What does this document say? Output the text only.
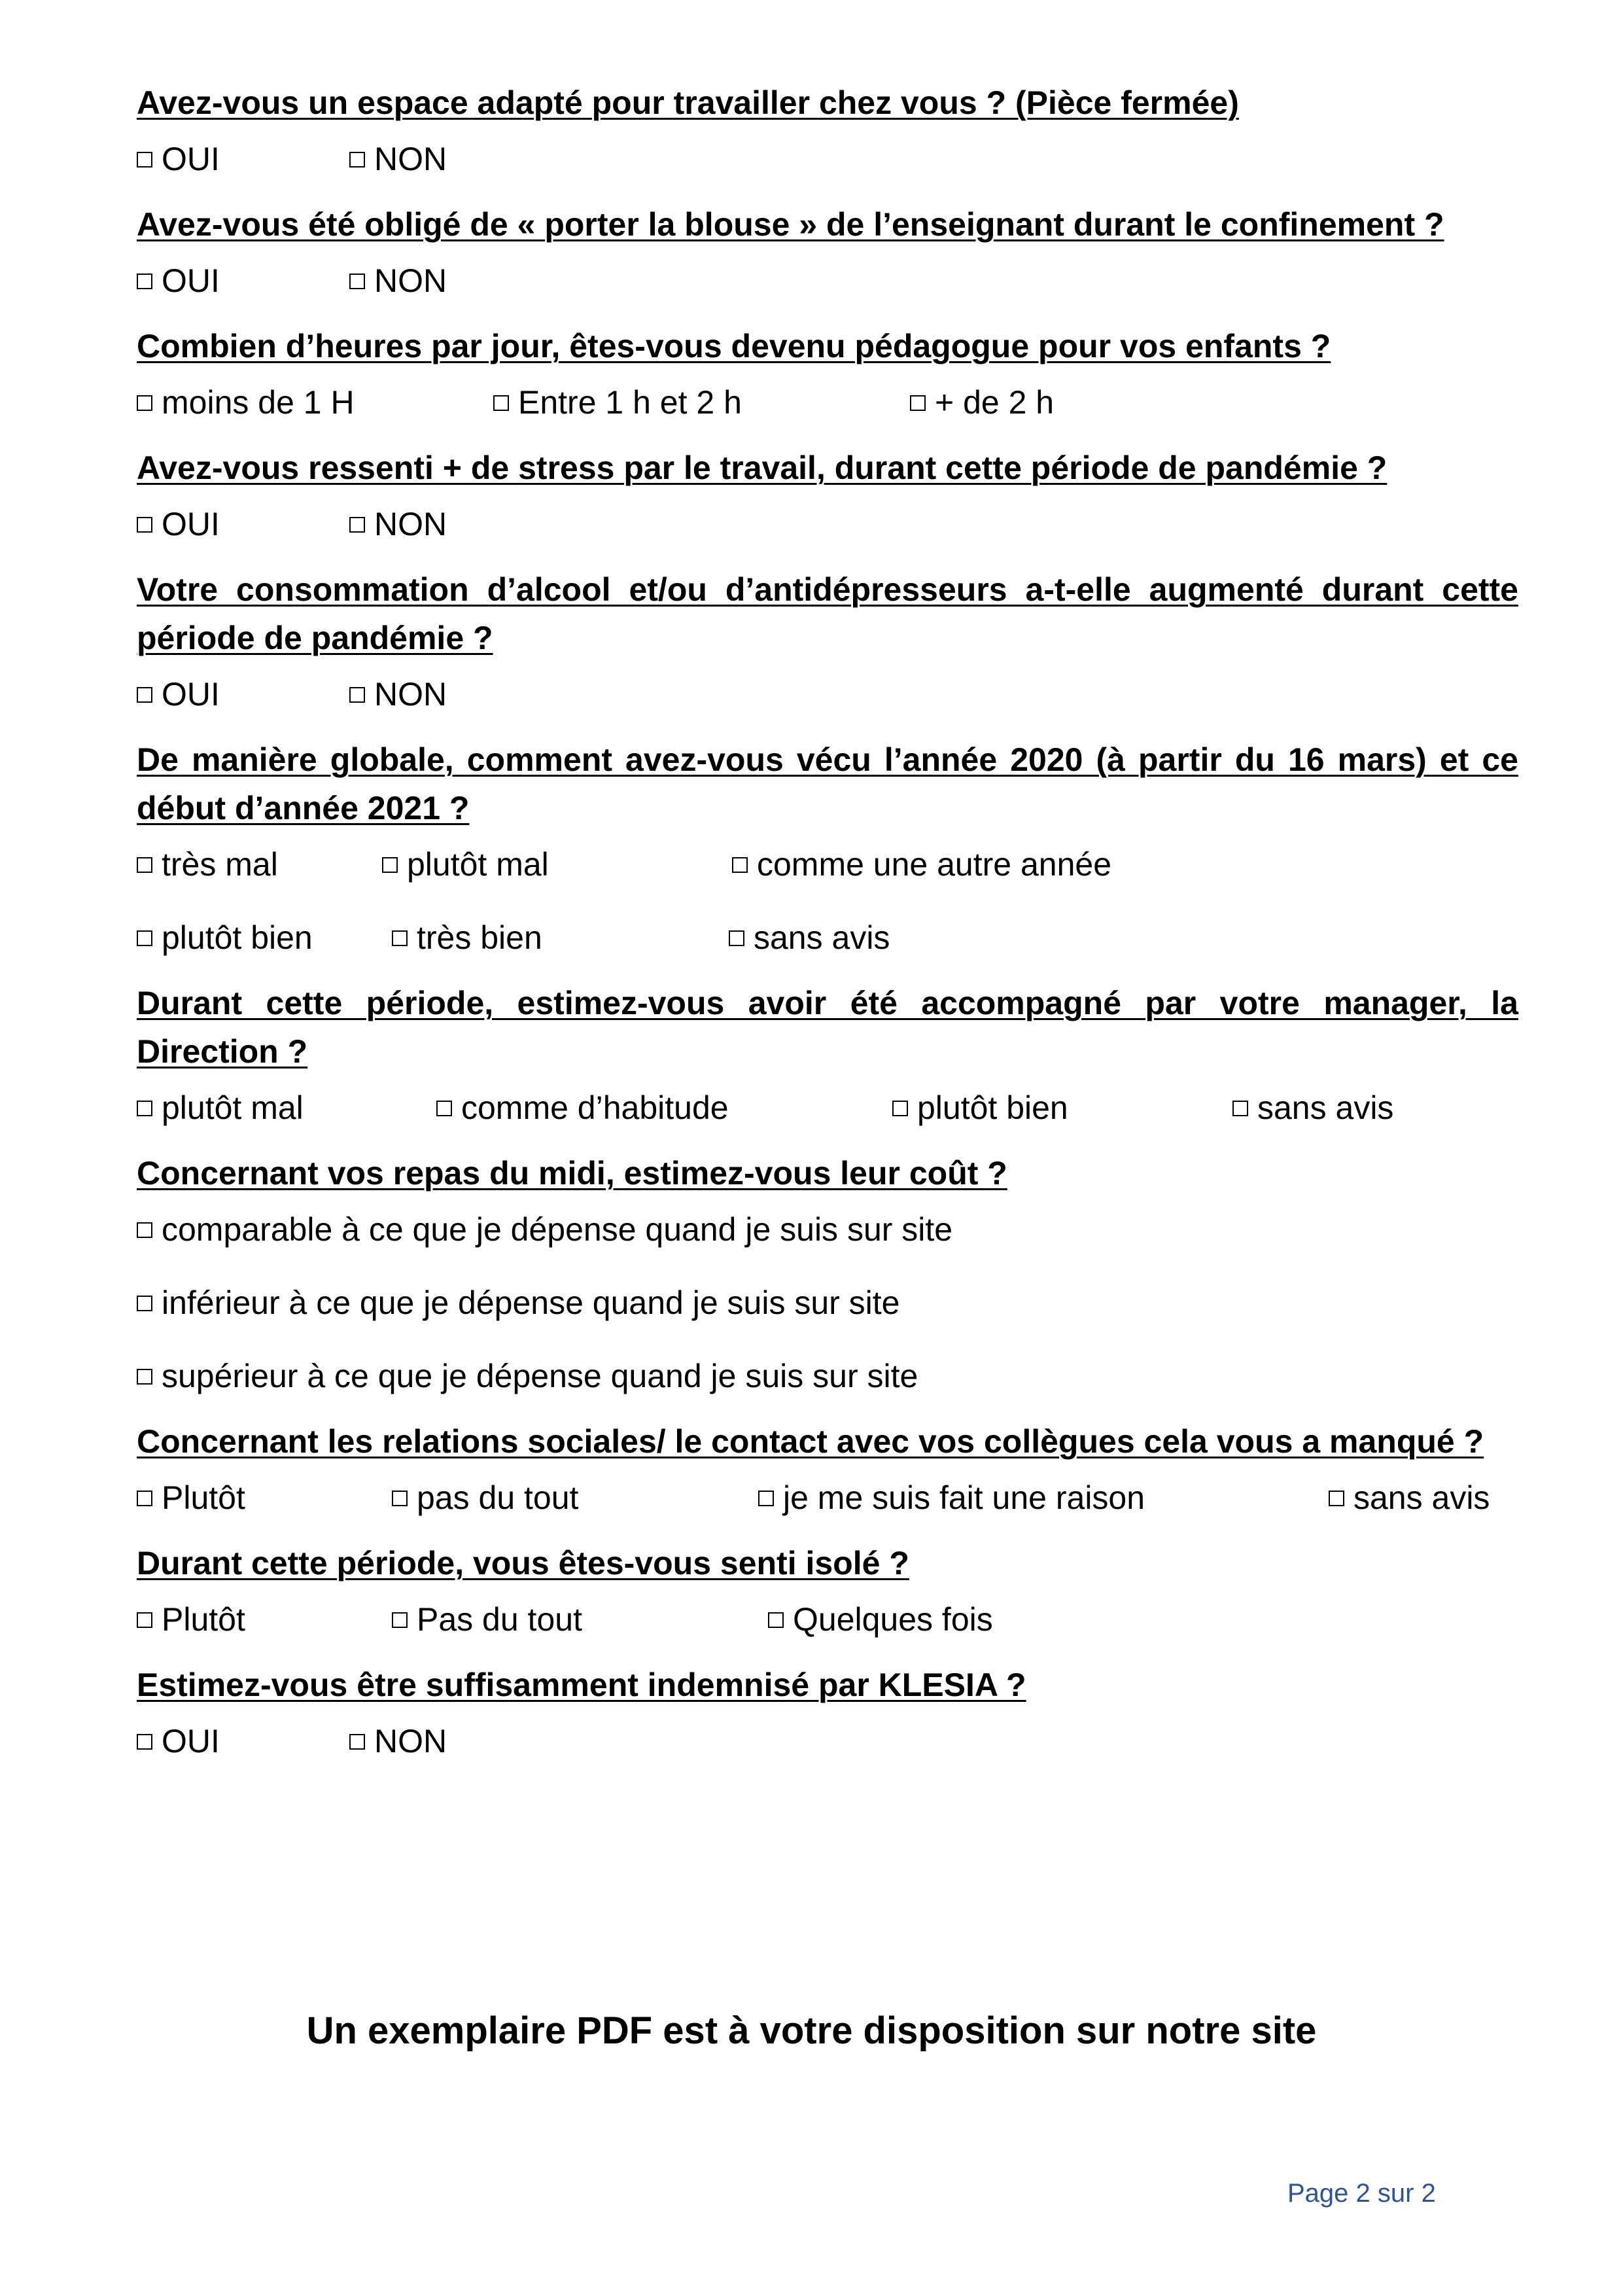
Avez-vous un espace adapté pour travailler chez vous ? (Pièce fermée)

OUI	NON

Avez-vous été obligé de « porter la blouse » de l’enseignant durant le confinement ?

OUI	NON

Combien d’heures par jour, êtes-vous devenu pédagogue pour vos enfants ?

moins de 1 H	Entre 1 h et 2 h	+ de 2 h

Avez-vous ressenti + de stress par le travail, durant cette période de pandémie ?

OUI	NON

Votre consommation d’alcool et/ou d’antidépresseurs a-t-elle augmenté durant cette période de pandémie ?

OUI	NON

De manière globale, comment avez-vous vécu l’année 2020 (à partir du 16 mars) et ce début d’année 2021 ?

très mal	plutôt mal	comme une autre année
plutôt bien	très bien	sans avis

Durant cette période, estimez-vous avoir été accompagné par votre manager, la Direction ?

plutôt mal	comme d’habitude	plutôt bien	sans avis

Concernant vos repas du midi, estimez-vous leur coût ?

comparable à ce que je dépense quand je suis sur site
inférieur à ce que je dépense quand je suis sur site
supérieur à ce que je dépense quand je suis sur site

Concernant les relations sociales/ le contact avec vos collègues cela vous a manqué ?

Plutôt	pas du tout	je me suis fait une raison	sans avis

Durant cette période, vous êtes-vous senti isolé ?

Plutôt	Pas du tout	Quelques fois

Estimez-vous être suffisamment indemnisé par KLESIA ?

OUI	NON
Un exemplaire PDF est à votre disposition sur notre site
Page 2 sur 2
